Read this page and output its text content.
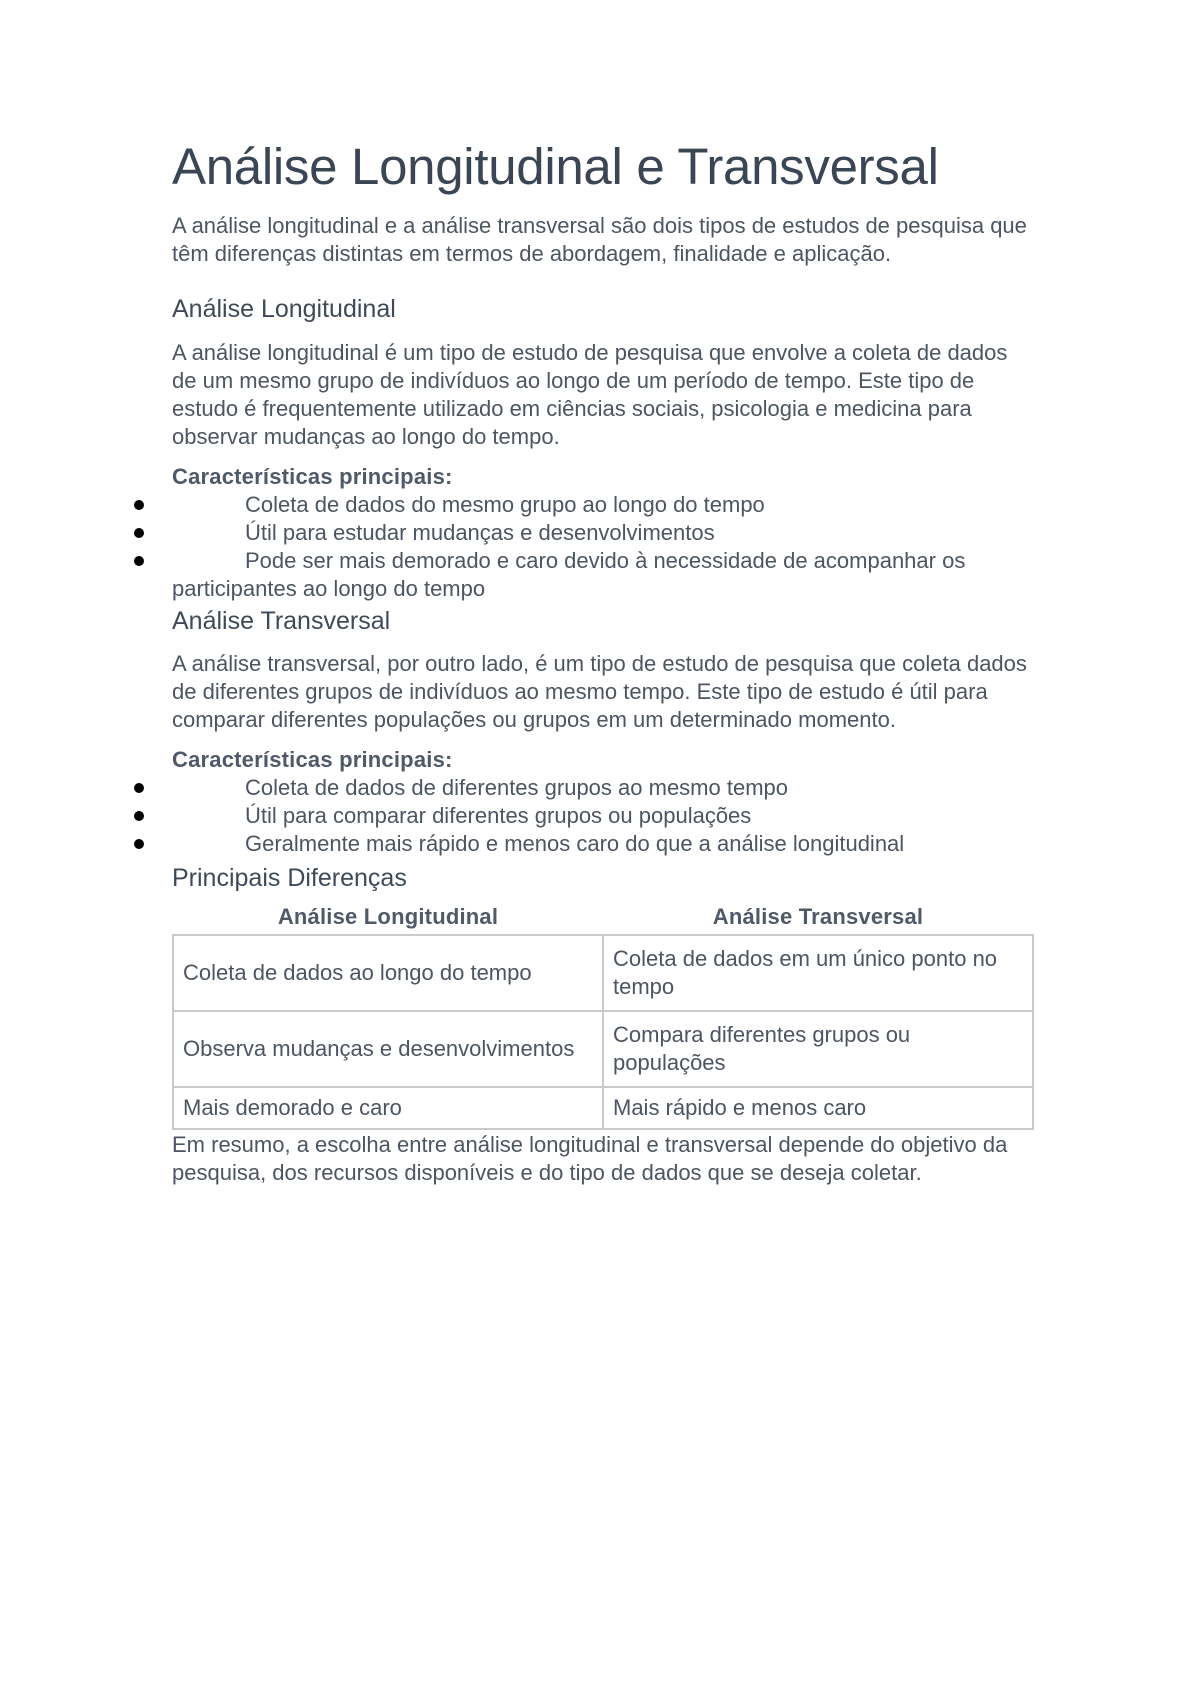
Análise Longitudinal e Transversal

A análise longitudinal e a análise transversal são dois tipos de estudos de pesquisa que têm diferenças distintas em termos de abordagem, finalidade e aplicação.

Análise Longitudinal

A análise longitudinal é um tipo de estudo de pesquisa que envolve a coleta de dados de um mesmo grupo de indivíduos ao longo de um período de tempo. Este tipo de estudo é frequentemente utilizado em ciências sociais, psicologia e medicina para observar mudanças ao longo do tempo.

Características principais:
Coleta de dados do mesmo grupo ao longo do tempo
Útil para estudar mudanças e desenvolvimentos
Pode ser mais demorado e caro devido à necessidade de acompanhar os participantes ao longo do tempo
Análise Transversal

A análise transversal, por outro lado, é um tipo de estudo de pesquisa que coleta dados de diferentes grupos de indivíduos ao mesmo tempo. Este tipo de estudo é útil para comparar diferentes populações ou grupos em um determinado momento.

Características principais:
Coleta de dados de diferentes grupos ao mesmo tempo
Útil para comparar diferentes grupos ou populações
Geralmente mais rápido e menos caro do que a análise longitudinal
Principais Diferenças
Análise Longitudinal	Análise Transversal
Coleta de dados ao longo do tempo	Coleta de dados em um único ponto no tempo
Observa mudanças e desenvolvimentos	Compara diferentes grupos ou populações
Mais demorado e caro	Mais rápido e menos caro

Em resumo, a escolha entre análise longitudinal e transversal depende do objetivo da pesquisa, dos recursos disponíveis e do tipo de dados que se deseja coletar.
